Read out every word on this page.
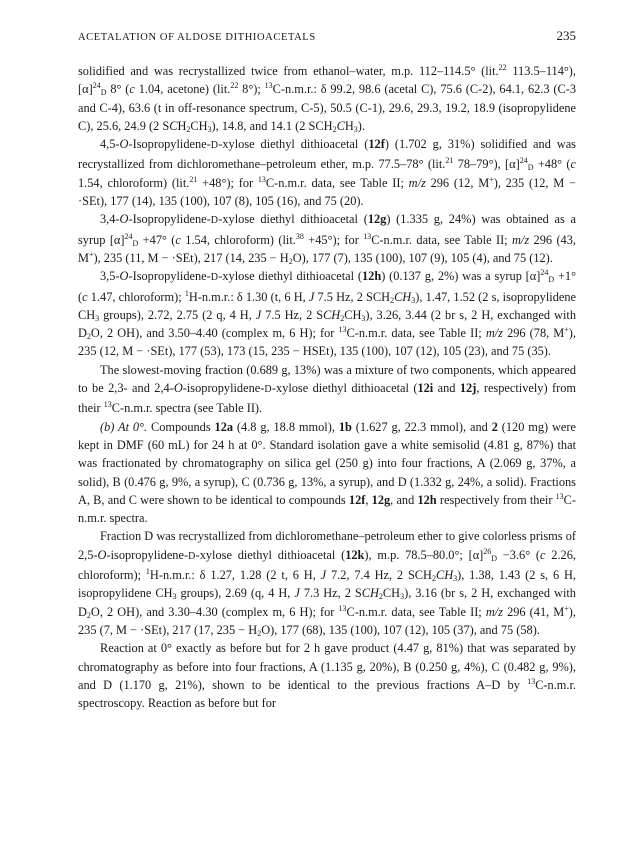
ACETALATION OF ALDOSE DITHIOACETALS	235

solidified and was recrystallized twice from ethanol–water, m.p. 112–114.5° (lit.$^{22}$ 113.5–114°), $[\alpha]^{24}_D$ 8° (c 1.04, acetone) (lit.$^{22}$ 8°); $^{13}$C-n.m.r.: δ 99.2, 98.6 (acetal C), 75.6 (C-2), 64.1, 62.3 (C-3 and C-4), 63.6 (t in off-resonance spectrum, C-5), 50.5 (C-1), 29.6, 29.3, 19.2, 18.9 (isopropylidene C), 25.6, 24.9 (2 $SCH_2CH_3$), 14.8, and 14.1 (2 $SCH_2CH_3$).

4,5-O-Isopropylidene-D-xylose diethyl dithioacetal (12f) (1.702 g, 31%) solidified and was recrystallized from dichloromethane–petroleum ether, m.p. 77.5–78° (lit.$^{21}$ 78–79°), $[\alpha]^{24}_D +48^\circ$ (c 1.54, chloroform) (lit.$^{21}$ +48°); for $^{13}$C-n.m.r. data, see Table II; m/z 296 (12, M+), 235 (12, M − ·SEt), 177 (14), 135 (100), 107 (8), 105 (16), and 75 (20).

3,4-O-Isopropylidene-D-xylose diethyl dithioacetal (12g) (1.335 g, 24%) was obtained as a syrup $[\alpha]^{24}_D +47^\circ$ (c 1.54, chloroform) (lit.$^{38}$ +45°); for $^{13}$C-n.m.r. data, see Table II; m/z 296 (43, M+), 235 (11, M − ·SEt), 217 (14, $235 - H_2O$), 177 (7), 135 (100), 107 (9), 105 (4), and 75 (12).

3,5-O-Isopropylidene-D-xylose diethyl dithioacetal (12h) (0.137 g, 2%) was a syrup $[\alpha]^{24}_D +1^\circ$ (c 1.47, chloroform); $^1$H-n.m.r.: δ 1.30 (t, 6 H, J 7.5 Hz, 2 $SCH_2CH_3$), 1.47, 1.52 (2 s, isopropylidene $CH_3$ groups), 2.72, 2.75 (2 q, 4 H, J 7.5 Hz, 2 $SCH_2CH_3$), 3.26, 3.44 (2 br s, 2 H, exchanged with $D_2O$, 2 OH), and 3.50–4.40 (complex m, 6 H); for $^{13}$C-n.m.r. data, see Table II; m/z 296 (78, M+), 235 (12, M − ·SEt), 177 (53), 173 (15, 235 − HSEt), 135 (100), 107 (12), 105 (23), and 75 (35).

The slowest-moving fraction (0.689 g, 13%) was a mixture of two components, which appeared to be 2,3- and 2,4-O-isopropylidene-D-xylose diethyl dithioacetal (12i and 12j, respectively) from their $^{13}$C-n.m.r. spectra (see Table II).

(b) At 0°. Compounds 12a (4.8 g, 18.8 mmol), 1b (1.627 g, 22.3 mmol), and 2 (120 mg) were kept in DMF (60 mL) for 24 h at 0°. Standard isolation gave a white semisolid (4.81 g, 87%) that was fractionated by chromatography on silica gel (250 g) into four fractions, A (2.069 g, 37%, a solid), B (0.476 g, 9%, a syrup), C (0.736 g, 13%, a syrup), and D (1.332 g, 24%, a solid). Fractions A, B, and C were shown to be identical to compounds 12f, 12g, and 12h respectively from their $^{13}$C-n.m.r. spectra.

Fraction D was recrystallized from dichloromethane–petroleum ether to give colorless prisms of 2,5-O-isopropylidene-D-xylose diethyl dithioacetal (12k), m.p. 78.5–80.0°; $[\alpha]^{26}_D -3.6^\circ$ (c 2.26, chloroform); $^1$H-n.m.r.: δ 1.27, 1.28 (2 t, 6 H, J 7.2, 7.4 Hz, 2 $SCH_2CH_3$), 1.38, 1.43 (2 s, 6 H, isopropylidene $CH_3$ groups), 2.69 (q, 4 H, J 7.3 Hz, 2 $SCH_2CH_3$), 3.16 (br s, 2 H, exchanged with $D_2O$, 2 OH), and 3.30–4.30 (complex m, 6 H); for $^{13}$C-n.m.r. data, see Table II; m/z 296 (41, M+), 235 (7, M − ·SEt), 217 (17, $235 - H_2O$), 177 (68), 135 (100), 107 (12), 105 (37), and 75 (58).

Reaction at 0° exactly as before but for 2 h gave product (4.47 g, 81%) that was separated by chromatography as before into four fractions, A (1.135 g, 20%), B (0.250 g, 4%), C (0.482 g, 9%), and D (1.170 g, 21%), shown to be identical to the previous fractions A–D by $^{13}$C-n.m.r. spectroscopy. Reaction as before but for
